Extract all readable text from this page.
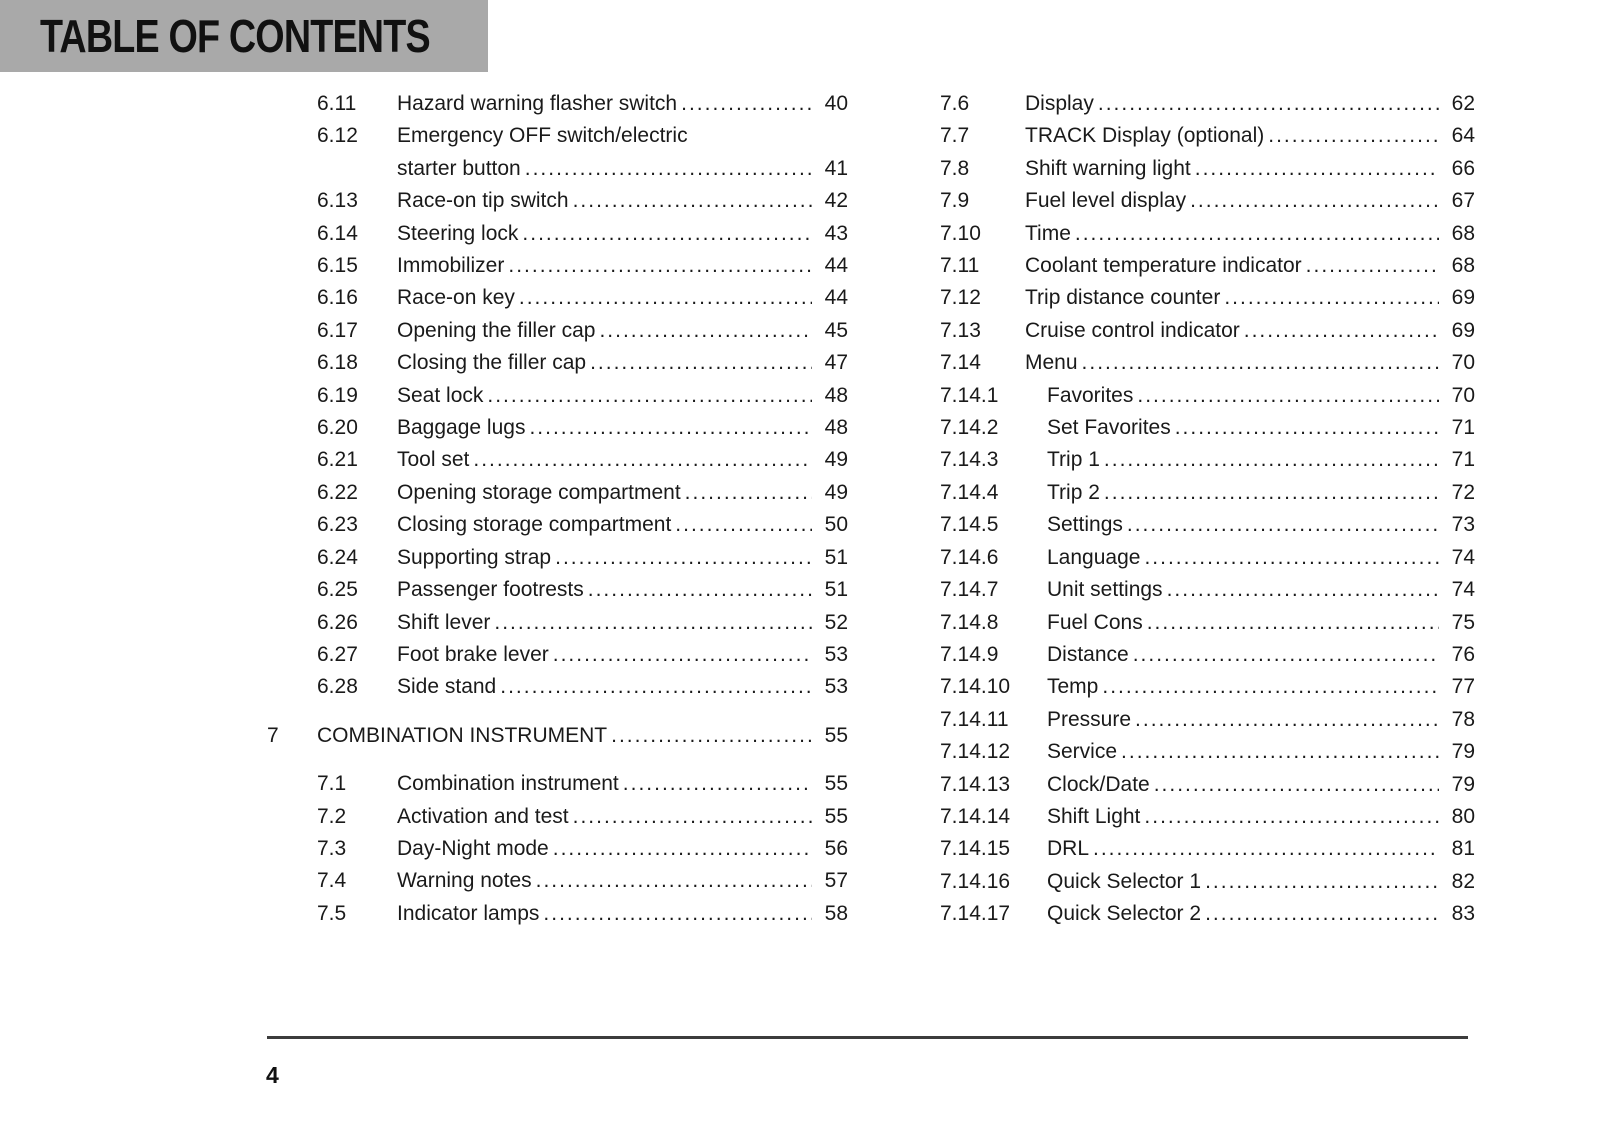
TABLE OF CONTENTS
6.11	Hazard warning flasher switch .....	40
6.12	Emergency OFF switch/electric
starter button .....	41
6.13	Race-on tip switch .....	42
6.14	Steering lock .....	43
6.15	Immobilizer .....	44
6.16	Race-on key .....	44
6.17	Opening the filler cap .....	45
6.18	Closing the filler cap .....	47
6.19	Seat lock .....	48
6.20	Baggage lugs .....	48
6.21	Tool set .....	49
6.22	Opening storage compartment .....	49
6.23	Closing storage compartment .....	50
6.24	Supporting strap .....	51
6.25	Passenger footrests .....	51
6.26	Shift lever .....	52
6.27	Foot brake lever .....	53
6.28	Side stand .....	53
7	COMBINATION INSTRUMENT .....	55
7.1	Combination instrument .....	55
7.2	Activation and test .....	55
7.3	Day-Night mode .....	56
7.4	Warning notes .....	57
7.5	Indicator lamps .....	58
7.6	Display .....	62
7.7	TRACK Display (optional) .....	64
7.8	Shift warning light .....	66
7.9	Fuel level display .....	67
7.10	Time .....	68
7.11	Coolant temperature indicator .....	68
7.12	Trip distance counter .....	69
7.13	Cruise control indicator .....	69
7.14	Menu .....	70
7.14.1	Favorites .....	70
7.14.2	Set Favorites .....	71
7.14.3	Trip 1 .....	71
7.14.4	Trip 2 .....	72
7.14.5	Settings .....	73
7.14.6	Language .....	74
7.14.7	Unit settings .....	74
7.14.8	Fuel Cons .....	75
7.14.9	Distance .....	76
7.14.10	Temp .....	77
7.14.11	Pressure .....	78
7.14.12	Service .....	79
7.14.13	Clock/Date .....	79
7.14.14	Shift Light .....	80
7.14.15	DRL .....	81
7.14.16	Quick Selector 1 .....	82
7.14.17	Quick Selector 2 .....	83
4
